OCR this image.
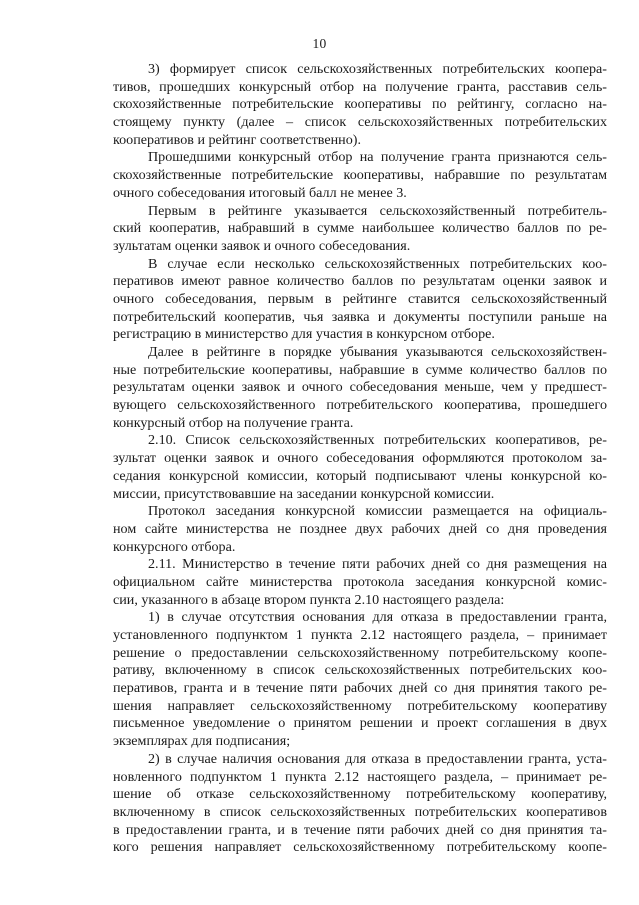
10
3) формирует список сельскохозяйственных потребительских коопера-
тивов, прошедших конкурсный отбор на получение гранта, расставив сель-
скохозяйственные потребительские кооперативы по рейтингу, согласно на-
стоящему пункту (далее – список сельскохозяйственных потребительских
кооперативов и рейтинг соответственно).
Прошедшими конкурсный отбор на получение гранта признаются сель-
скохозяйственные потребительские кооперативы, набравшие по результатам
очного собеседования итоговый балл не менее 3.
Первым в рейтинге указывается сельскохозяйственный потребитель-
ский кооператив, набравший в сумме наибольшее количество баллов по ре-
зультатам оценки заявок и очного собеседования.
В случае если несколько сельскохозяйственных потребительских коо-
перативов имеют равное количество баллов по результатам оценки заявок и
очного собеседования, первым в рейтинге ставится сельскохозяйственный
потребительский кооператив, чья заявка и документы поступили раньше на
регистрацию в министерство для участия в конкурсном отборе.
Далее в рейтинге в порядке убывания указываются сельскохозяйствен-
ные потребительские кооперативы, набравшие в сумме количество баллов по
результатам оценки заявок и очного собеседования меньше, чем у предшест-
вующего сельскохозяйственного потребительского кооператива, прошедшего
конкурсный отбор на получение гранта.
2.10. Список сельскохозяйственных потребительских кооперативов, ре-
зультат оценки заявок и очного собеседования оформляются протоколом за-
седания конкурсной комиссии, который подписывают члены конкурсной ко-
миссии, присутствовавшие на заседании конкурсной комиссии.
Протокол заседания конкурсной комиссии размещается на официаль-
ном сайте министерства не позднее двух рабочих дней со дня проведения
конкурсного отбора.
2.11. Министерство в течение пяти рабочих дней со дня размещения на
официальном сайте министерства протокола заседания конкурсной комис-
сии, указанного в абзаце втором пункта 2.10 настоящего раздела:
1) в случае отсутствия основания для отказа в предоставлении гранта,
установленного подпунктом 1 пункта 2.12 настоящего раздела, – принимает
решение о предоставлении сельскохозяйственному потребительскому коопе-
ративу, включенному в список сельскохозяйственных потребительских коо-
перативов, гранта и в течение пяти рабочих дней со дня принятия такого ре-
шения направляет сельскохозяйственному потребительскому кооперативу
письменное уведомление о принятом решении и проект соглашения в двух
экземплярах для подписания;
2) в случае наличия основания для отказа в предоставлении гранта, уста-
новленного подпунктом 1 пункта 2.12 настоящего раздела, – принимает ре-
шение об отказе сельскохозяйственному потребительскому кооперативу,
включенному в список сельскохозяйственных потребительских кооперативов
в предоставлении гранта, и в течение пяти рабочих дней со дня принятия та-
кого решения направляет сельскохозяйственному потребительскому коопе-
